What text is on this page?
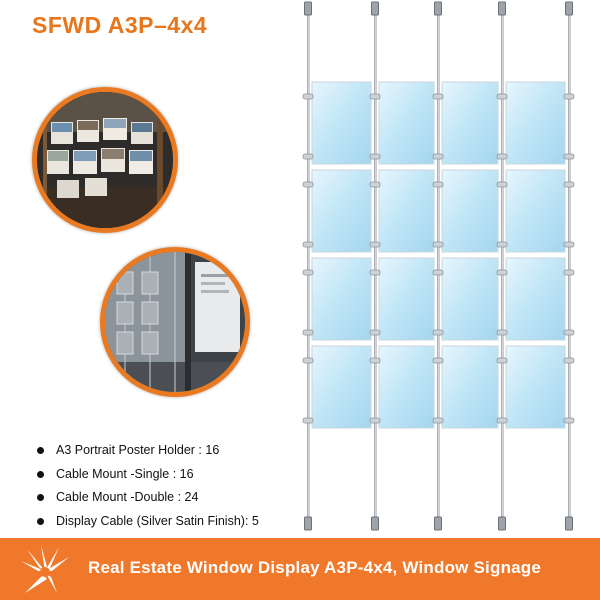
SFWD A3P–4x4
A3 Portrait Poster Holder : 16
Cable Mount -Single : 16
Cable Mount -Double : 24
Display Cable (Silver Satin Finish): 5
Real Estate Window Display A3P-4x4, Window Signage
